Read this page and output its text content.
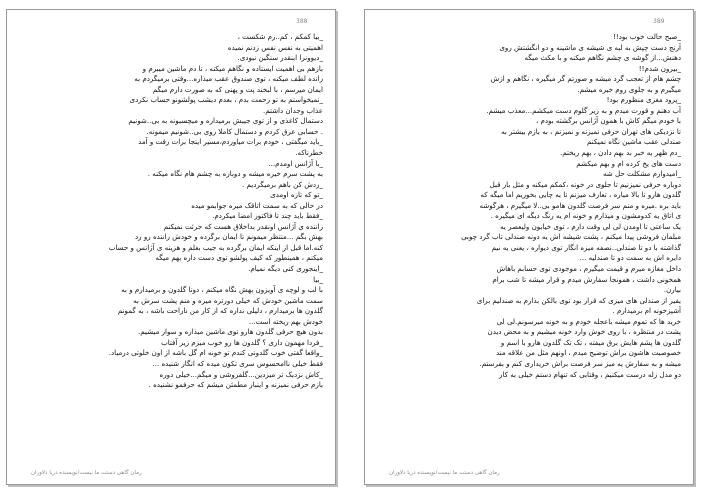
388
_بیا کمکم ، کم..رم شکست ،
اهمیتی به نفس نفس زدنم نمیده
_دیوونرا ابنقدر سنگین نبودی.
بازهم بی اهمیت ایستاده و نگاهم میکنه ، تا دم ماشین میبرم و
رانده لطف میکنه ، توی صندوق عقب میذاره...وقتی برمیگردم به
ایمان میرسم ، با لبخند پت و پهنی که به صورت دارم میگم
_نمیخواستم به تو زحمت بدم ، بعدم دیشب پولشونو حساب نکردی
عذاب وجدان داشتم.
دستمال کاغذی و از توی جیبش برمیداره و میچسبونه به بی..شونیم
. حسابی عرق کردم و دستمال کاملا روی بی..شونیم میمونه.
_باید میگفتی ، خودم برات میاوردم،مسیر اینجا برات رفت و آمد
خطرناکه.
_با آژانس اومدم...
به پشت سرم خیره میشه و دوباره به چشم هام نگاه میکنه .
_ردش کن باهم برمیگردیم .
_تو که تازه اومدی
در حالی که به سمت اتاقک میره جوابمو میده
_فقط باید چند تا فاکتور امضا میکردم.
راننده ی آژانس اونقدر بداخلاق هست که جرئت نمیکنم
بهش بگم ...منتظر میمونم تا ایمان برگرده و خودش راننده رو رد
کنه.اما قبل از اینکه ایمان برگرده به جیب بغلم و هزینه ی آژانس و حساب
میکنم ، همینطور که کیف پولشو توی دست داره بهم میگه
_اینجوری کنی دیگه نمیام.
_بیا
با لب و لوچه ی آویزون بهش نگاه میکنم ، دونا گلدون و برمیدارم و به
سمت ماشین خودش که خیلی دورتره میره و منم پشت سرش به
گلدون ها برمیدارم ، دلیلی نداره که از کار من ناراحت باشه ، به گمونم
خودش بهم ریخته است...
بدون هیچ حرفی گلدون هارو توی ماشین میذاره و سوار میشیم.
_فردا مهمون داری ؟ گلدون ها رو خوب میزم زیر آفتاب
_واقعا گفتی خوب گلدونی کندم تو خونه ام گل باشه از اون خلوتی درمیاد.
فقط خیلی ناامحسوس سری تکون میده که انگار شنیده ...
_کاش نزدیک تر میزدین...گلفروشی و میگم...خیلی دوره
بازم حرفی نمیزنه و اینبار مطمئن میشم که حرفمو نشنیده .
رمان گاهی دستت ما نیست/نویسنده دریا دلاوران
389
_صبح حالت خوب بود!!
آرنج دست چپش به لبه ی شیشه ی ماشینه و دو انگشتش روی
دهنش...از گوشه ی چشم نگاهم میکنه و با مکث میگه
_بیرون شدم!!
چشم هام از تعجب گرد میشه و صورتم گر میگیره ، نگاهم و ازش
میگیرم و به جلوی روم خیره میشم.
_پرود مغزی منظورم بود!
آب دهنم و قورت میدم و به زیر گلوم دست میکشم...معذب میشم.
با خودم میگم کاش با همون آژانس برگشته بودم ،
تا نزدیکی های تهران حرفی نمیزنه و نمیزنم ، به بازم بیشتر به
صندلی عقب ماشین نگاه نمیکنم
_دم ظهر به خبر بد بهم دادن ، بهم ریختم.
دست های یخ کرده ام و بهم میکشم
_امیدوارم مشکلت حل شه
دوباره حرفی نمیزنیم تا جلوی در خونه ،کمکم میکنه و مثل بار قبل
گلدون هارو تا بالا میاره ، تعارف میزنم تا یه چایی بخوریم اما میگه که
باید بره .میره و منم سر فرصت گلدون هامو بی..لا میگیرم ، هرگوشه
ی اتاق یه کدومشون و میذارم و خونه ام یه رنگ دیگه ای میگیره .
یک ساعتی تا اومدن لی لی وقت دارم ، توی خیابون ولیعصر یه
مبلمان فروشی پیدا میکنم ، پشت شیشه اش یه دونه صندلی تاب گرد چوبی
گذاشته با دو تا صندلی..نصفه میزه انگار توی دیواره ، یعنی یه نیم
دایره اش به سمت دو تا صندلیه ...
داخل مغازه میرم و قیمت میگیرم ، موجودی توی حسابم باهاش
همخونی داشت ، همونجا سفارش میدم و قرار میشه تا شب برام
بیارن.
یفیر از صندلی های میزی که قرار بود توی بالکن بذارم به صندلیم برای
آشپزخونه ام برمیدارم .
خرید ها که تموم میشه باعجله خودم و به خونه میرسونم.لی لی
پشت در منتظره ، با روی خوش وارد خونه میشیم و به محض دیدن
گلدون ها پشم هایش برق میفته ، تک تک گلدون هارو با اسم و
خصوصیت هاشون براش توضیح میدم ، اونهم مثل من علاقه مند
میشه و به سفارش یه میز سر فرصت براش خریداری کنم و بفرستم.
دو مدل زله درست میکنیم ، وقتایی که تنهام دستم خیلی به کار
رمان گاهی دستت ما نیست/نویسنده دریا دلاوران
